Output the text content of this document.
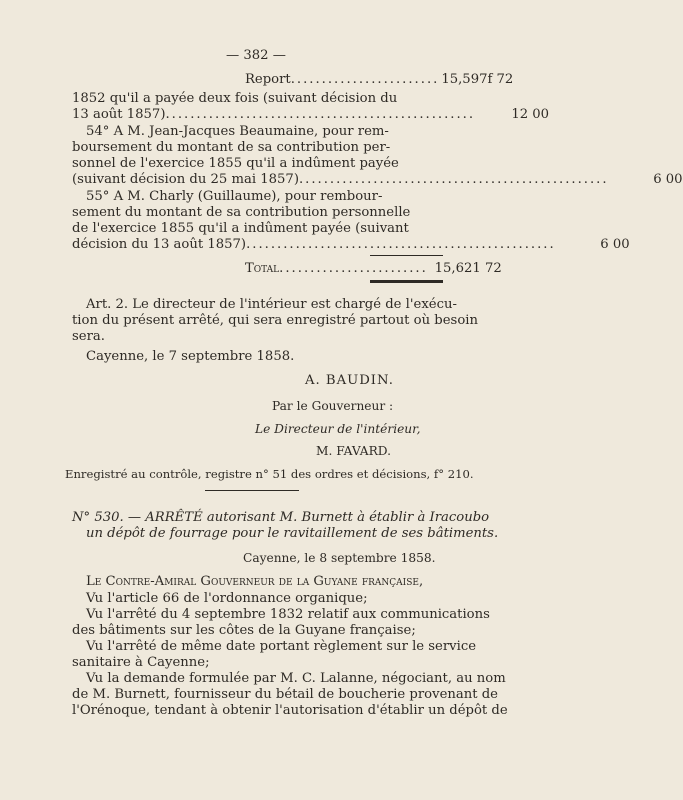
— 382 —
Report ........................ 15,597f 72
1852 qu'il a payée deux fois (suivant décision du
13 août 1857) ..................................................	12 00
54° A M. Jean-Jacques Beaumaine, pour rem-
boursement du montant de sa contribution per-
sonnel de l'exercice 1855 qu'il a indûment payée
(suivant décision du 25 mai 1857) ..................................................	6 00
55° A M. Charly (Guillaume), pour rembour-
sement du montant de sa contribution personnelle
de l'exercice 1855 qu'il a indûment payée (suivant
décision du 13 août 1857) ..................................................	6 00
Total ........................ 15,621 72
Art. 2. Le directeur de l'intérieur est chargé de l'exécu-
tion du présent arrêté, qui sera enregistré partout où besoin
sera.
Cayenne, le 7 septembre 1858.
A. BAUDIN.
Par le Gouverneur :
Le Directeur de l'intérieur,
M. FAVARD.
Enregistré au contrôle, registre n° 51 des ordres et décisions, f° 210.
N° 530. — ARRÊTÉ autorisant M. Burnett à établir à Iracoubo
un dépôt de fourrage pour le ravitaillement de ses bâtiments.
Cayenne, le 8 septembre 1858.
Le Contre-Amiral Gouverneur de la Guyane française,
Vu l'article 66 de l'ordonnance organique;
Vu l'arrêté du 4 septembre 1832 relatif aux communications
des bâtiments sur les côtes de la Guyane française;
Vu l'arrêté de même date portant règlement sur le service
sanitaire à Cayenne;
Vu la demande formulée par M. C. Lalanne, négociant, au nom
de M. Burnett, fournisseur du bétail de boucherie provenant de
l'Orénoque, tendant à obtenir l'autorisation d'établir un dépôt de
